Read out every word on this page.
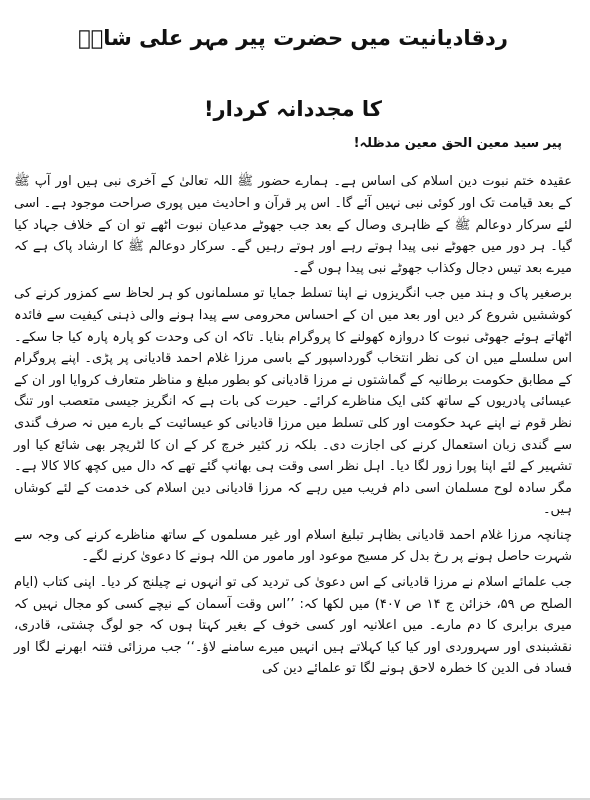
ردقادیانیت میں حضرت پیر مہر علی شاہؒ
کا مجددانہ کردار!
پیر سید معین الحق معین مدظلہ!

عقیدہ ختم نبوت دین اسلام کی اساس ہے۔ ہمارے حضور ﷺ اللہ تعالیٰ کے آخری نبی ہیں اور آپ ﷺ کے بعد قیامت تک اور کوئی نبی نہیں آئے گا۔ اس پر قرآن و احادیث میں پوری صراحت موجود ہے۔ اسی لئے سرکار دوعالم ﷺ کے ظاہری وصال کے بعد جب جھوٹے مدعیان نبوت اٹھے تو ان کے خلاف جہاد کیا گیا۔ ہر دور میں جھوٹے نبی پیدا ہوتے رہے اور ہوتے رہیں گے۔ سرکار دوعالم ﷺ کا ارشاد پاک ہے کہ میرے بعد تیس دجال وکذاب جھوٹے نبی پیدا ہوں گے۔

برصغیر پاک و ہند میں جب انگریزوں نے اپنا تسلط جمایا تو مسلمانوں کو ہر لحاظ سے کمزور کرنے کی کوششیں شروع کر دیں اور بعد میں ان کے احساس محرومی سے پیدا ہونے والی ذہنی کیفیت سے فائدہ اٹھاتے ہوئے جھوٹی نبوت کا دروازہ کھولنے کا پروگرام بنایا۔ تاکہ ان کی وحدت کو پارہ پارہ کیا جا سکے۔ اس سلسلے میں ان کی نظر انتخاب گورداسپور کے باسی مرزا غلام احمد قادیانی پر پڑی۔ اپنے پروگرام کے مطابق حکومت برطانیہ کے گماشتوں نے مرزا قادیانی کو بطور مبلغ و مناظر متعارف کروایا اور ان کے عیسائی پادریوں کے ساتھ کئی ایک مناظرے کرائے۔ حیرت کی بات ہے کہ انگریز جیسی متعصب اور تنگ نظر قوم نے اپنے عہد حکومت اور کلی تسلط میں مرزا قادیانی کو عیسائیت کے بارے میں نہ صرف گندی سے گندی زبان استعمال کرنے کی اجازت دی۔ بلکہ زر کثیر خرچ کر کے ان کا لٹریچر بھی شائع کیا اور تشہیر کے لئے اپنا پورا زور لگا دیا۔ اہل نظر اسی وقت ہی بھانپ گئے تھے کہ دال میں کچھ کالا کالا ہے۔ مگر سادہ لوح مسلمان اسی دام فریب میں رہے کہ مرزا قادیانی دین اسلام کی خدمت کے لئے کوشاں ہیں۔

چنانچہ مرزا غلام احمد قادیانی بظاہر تبلیغ اسلام اور غیر مسلموں کے ساتھ مناظرے کرنے کی وجہ سے شہرت حاصل ہونے پر رخ بدل کر مسیح موعود اور مامور من اللہ ہونے کا دعویٰ کرنے لگے۔

جب علمائے اسلام نے مرزا قادیانی کے اس دعویٰ کی تردید کی تو انہوں نے چیلنج کر دیا۔ اپنی کتاب (ایام الصلح ص ۵۹، خزائن ج ۱۴ ص ۴۰۷) میں لکھا کہ: ’’اس وقت آسمان کے نیچے کسی کو مجال نہیں کہ میری برابری کا دم مارے۔ میں اعلانیہ اور کسی خوف کے بغیر کہتا ہوں کہ جو لوگ چشتی، قادری، نقشبندی اور سہروردی اور کیا کیا کہلاتے ہیں انہیں میرے سامنے لاؤ۔‘‘ جب مرزائی فتنہ ابھرنے لگا اور فساد فی الدین کا خطرہ لاحق ہونے لگا تو علمائے دین کی
